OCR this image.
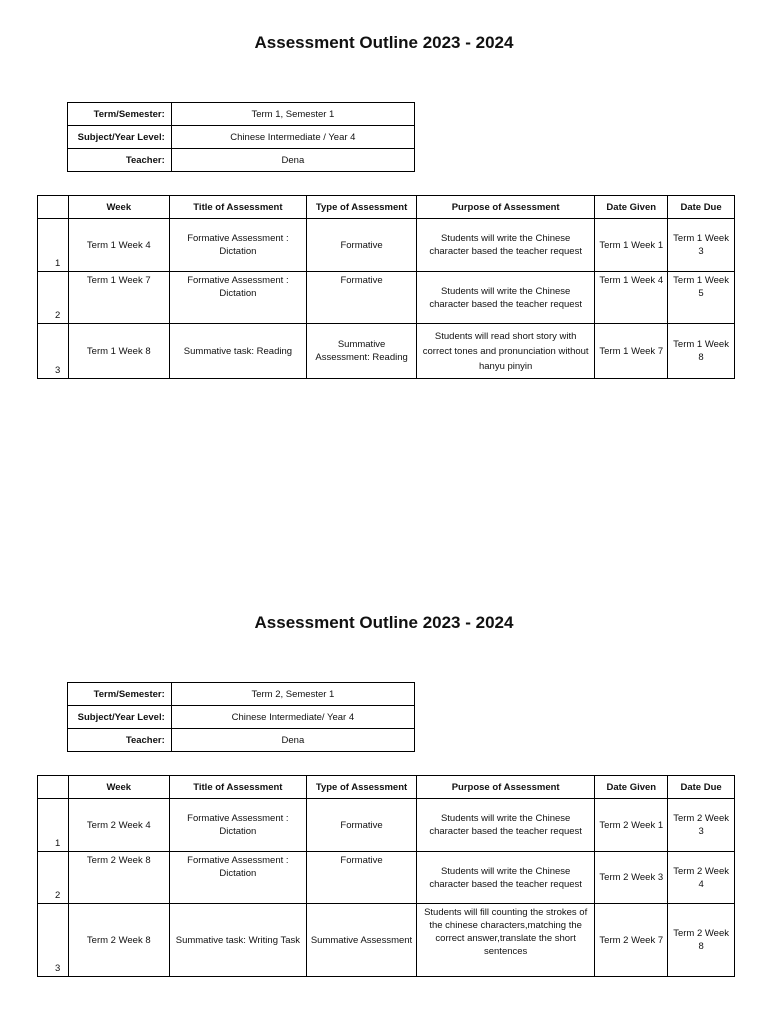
Assessment Outline 2023 - 2024
Term/Semester:	Term 1, Semester 1
Subject/Year Level:	Chinese Intermediate / Year 4
Teacher:	Dena
	Week	Title of Assessment	Type of Assessment	Purpose of Assessment	Date Given	Date Due
1	Term 1 Week 4	Formative Assessment : Dictation	Formative	Students will write the Chinese character based the teacher request	Term 1 Week 1	Term 1 Week 3
2	Term 1 Week 7	Formative Assessment : Dictation	Formative	Students will write the Chinese character based the teacher request	Term 1 Week 4	Term 1 Week 5
3	Term 1 Week 8	Summative task: Reading	Summative Assessment: Reading	Students will read short story with correct tones and pronunciation without hanyu pinyin	Term 1 Week 7	Term 1 Week 8
Assessment Outline 2023 - 2024
Term/Semester:	Term 2, Semester 1
Subject/Year Level:	Chinese Intermediate/ Year 4
Teacher:	Dena
	Week	Title of Assessment	Type of Assessment	Purpose of Assessment	Date Given	Date Due
1	Term 2 Week 4	Formative Assessment : Dictation	Formative	Students will write the Chinese character based the teacher request	Term 2 Week 1	Term 2 Week 3
2	Term 2 Week 8	Formative Assessment : Dictation	Formative	Students will write the Chinese character based the teacher request	Term 2 Week 3	Term 2 Week 4
3	Term 2 Week 8	Summative task: Writing Task	Summative Assessment	Students will fill counting the strokes of the chinese characters,matching the correct answer,translate the short sentences	Term 2 Week 7	Term 2 Week 8
